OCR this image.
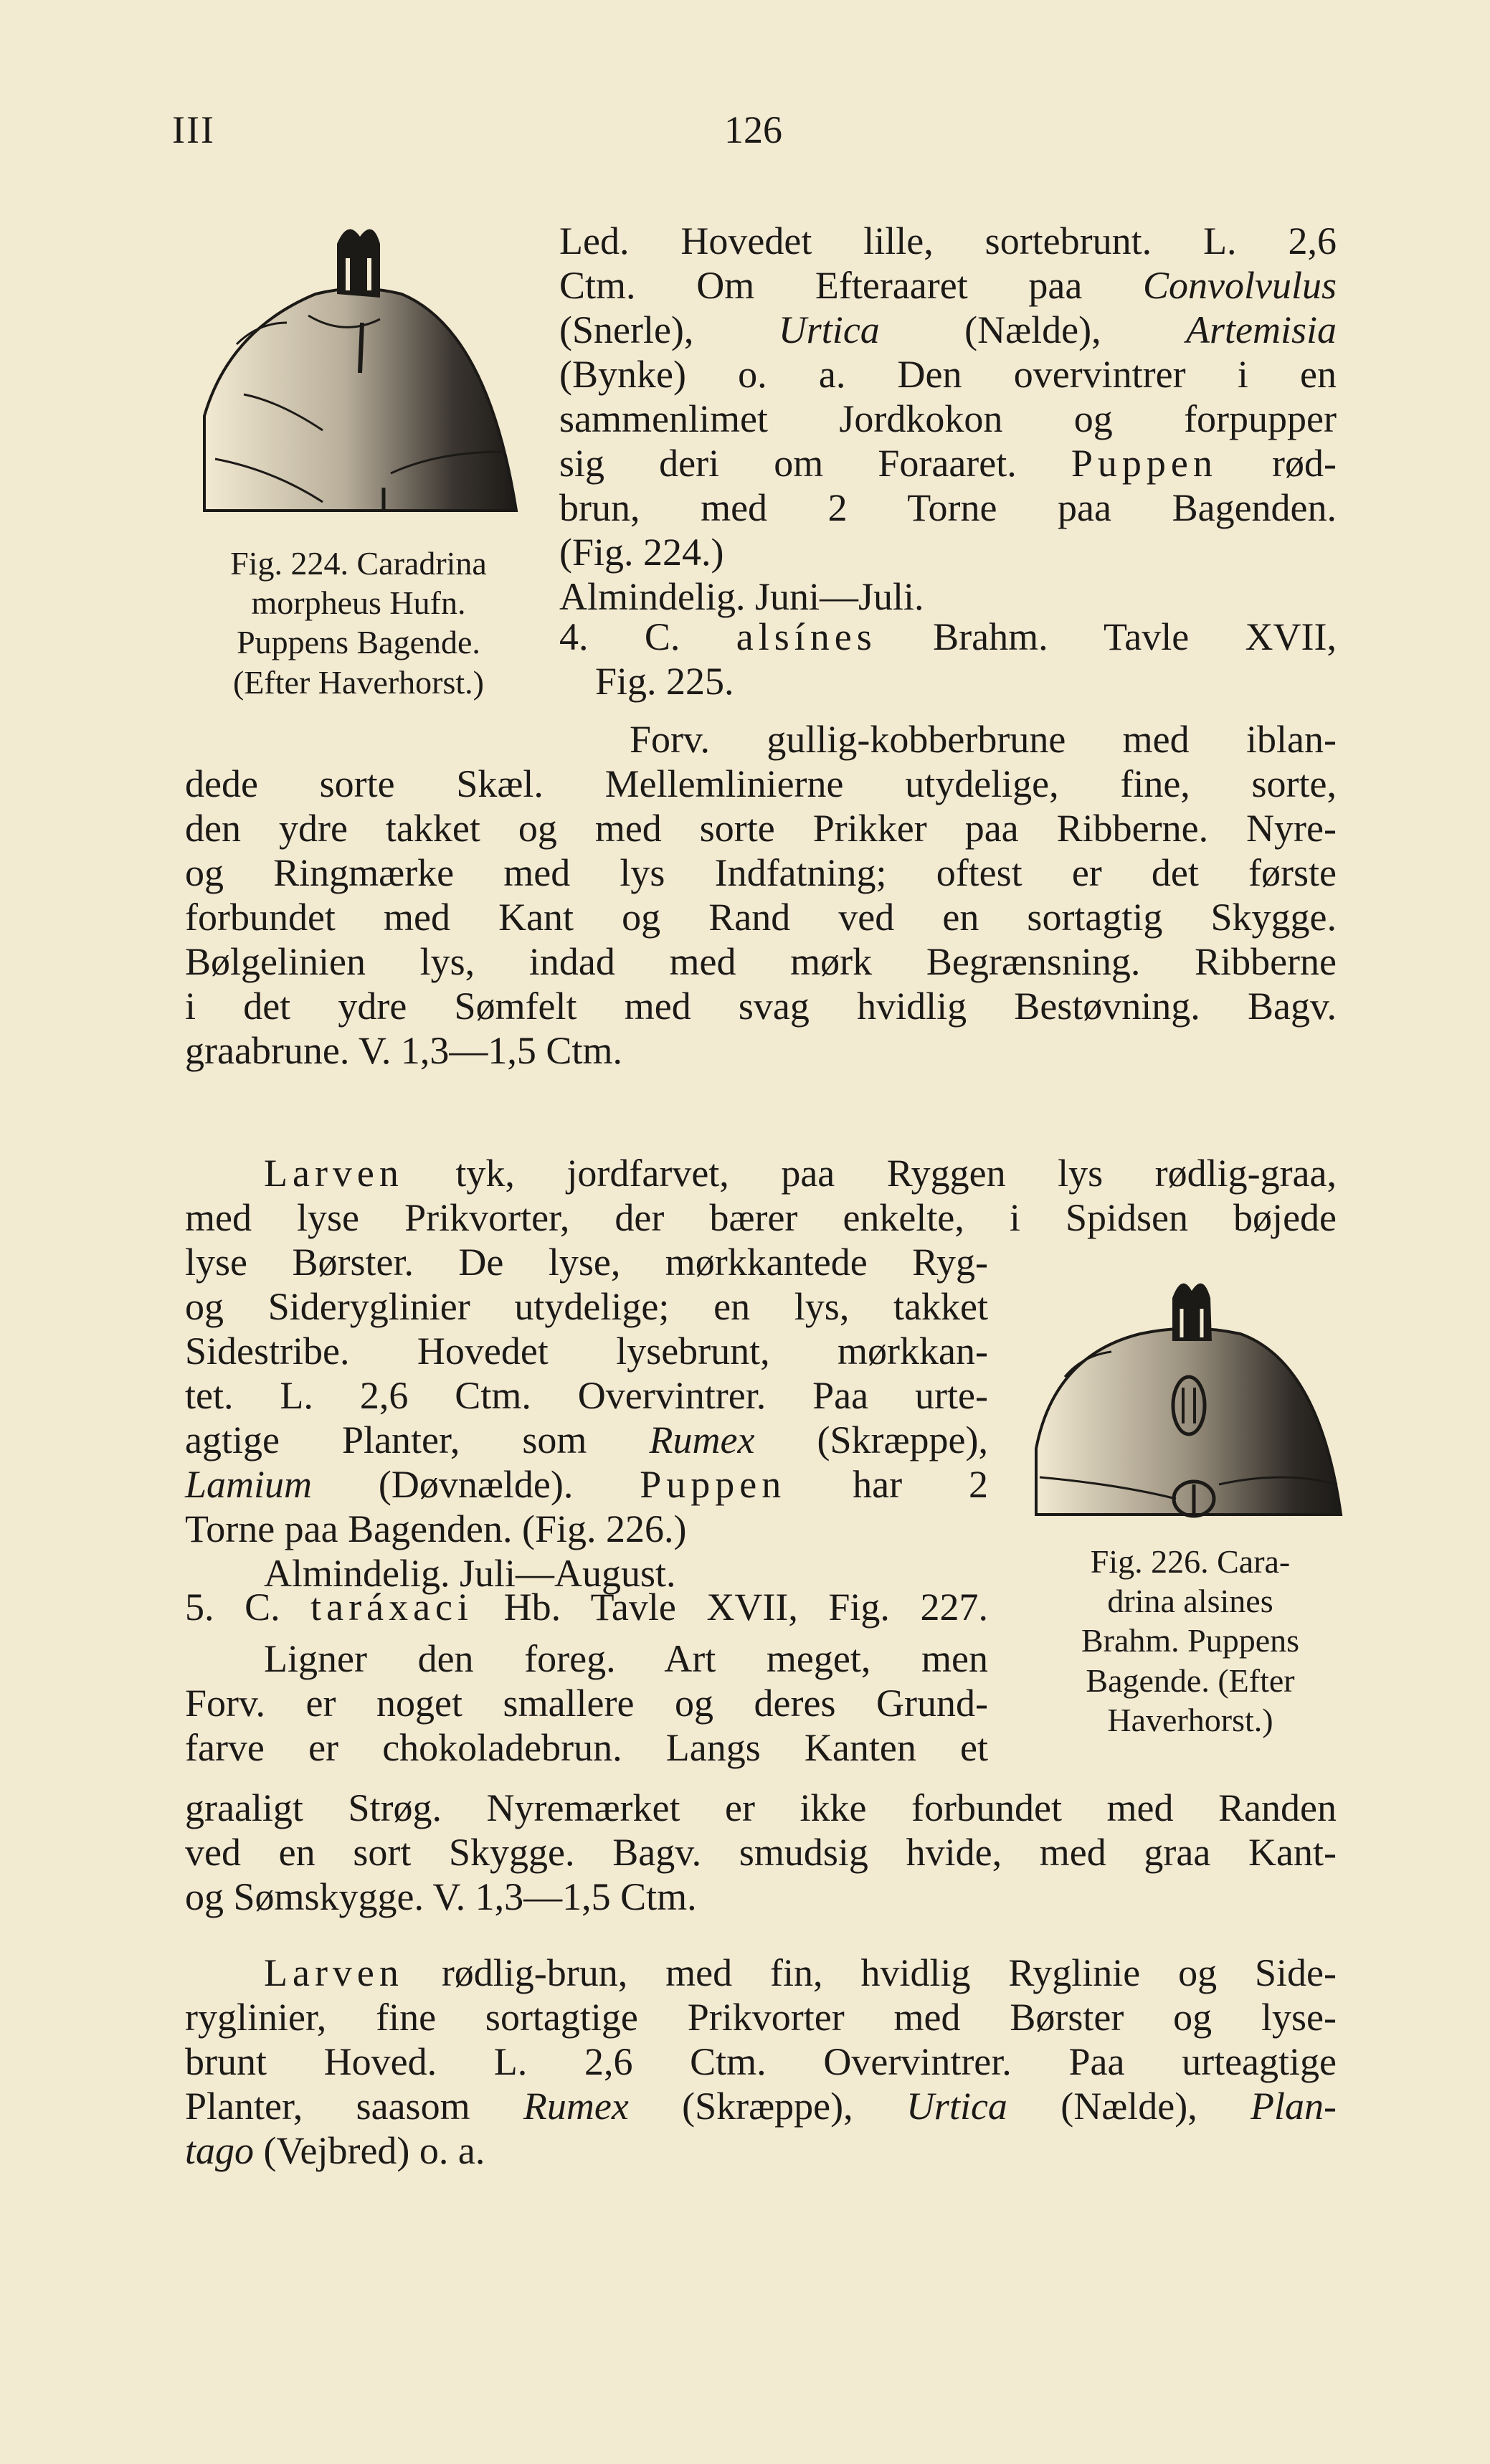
III	126
Fig. 224. Caradrina
morpheus Hufn.
Puppens Bagende.
(Efter Haverhorst.)
Led. Hovedet lille, sortebrunt. L. 2,6
Ctm. Om Efteraaret paa Convolvulus
(Snerle), Urtica (Nælde), Artemisia
(Bynke) o. a. Den overvintrer i en
sammenlimet Jordkokon og forpupper
sig deri om Foraaret. Puppen rød-
brun, med 2 Torne paa Bagenden.
(Fig. 224.)
Almindelig. Juni—Juli.
4. C. alsínes Brahm. Tavle XVII,
Fig. 225.
Forv. gullig-kobberbrune med iblan-
dede sorte Skæl. Mellemlinierne utydelige, fine, sorte,
den ydre takket og med sorte Prikker paa Ribberne. Nyre-
og Ringmærke med lys Indfatning; oftest er det første
forbundet med Kant og Rand ved en sortagtig Skygge.
Bølgelinien lys, indad med mørk Begrænsning. Ribberne
i det ydre Sømfelt med svag hvidlig Bestøvning. Bagv.
graabrune. V. 1,3—1,5 Ctm.
Larven tyk, jordfarvet, paa Ryggen lys rødlig-graa,
med lyse Prikvorter, der bærer enkelte, i Spidsen bøjede
lyse Børster. De lyse, mørkkantede Ryg-
og Sideryglinier utydelige; en lys, takket
Sidestribe. Hovedet lysebrunt, mørkkan-
tet. L. 2,6 Ctm. Overvintrer. Paa urte-
agtige Planter, som Rumex (Skræppe),
Lamium (Døvnælde). Puppen har 2
Torne paa Bagenden. (Fig. 226.)
Almindelig. Juli—August.	Fig. 226. Cara-
drina alsines
Brahm. Puppens
Bagende. (Efter
Haverhorst.)
5. C. taráxaci Hb. Tavle XVII, Fig. 227.
Ligner den foreg. Art meget, men
Forv. er noget smallere og deres Grund-
farve er chokoladebrun. Langs Kanten et
graaligt Strøg. Nyremærket er ikke forbundet med Randen
ved en sort Skygge. Bagv. smudsig hvide, med graa Kant-
og Sømskygge. V. 1,3—1,5 Ctm.
Larven rødlig-brun, med fin, hvidlig Ryglinie og Side-
ryglinier, fine sortagtige Prikvorter med Børster og lyse-
brunt Hoved. L. 2,6 Ctm. Overvintrer. Paa urteagtige
Planter, saasom Rumex (Skræppe), Urtica (Nælde), Plan-
tago (Vejbred) o. a.
